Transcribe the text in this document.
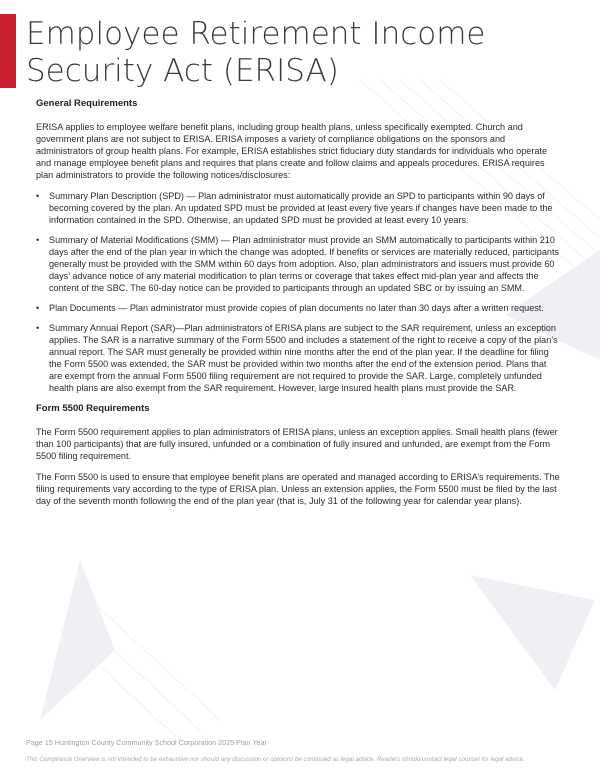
Employee Retirement Income Security Act (ERISA)
General Requirements

ERISA applies to employee welfare benefit plans, including group health plans, unless specifically exempted. Church and government plans are not subject to ERISA. ERISA imposes a variety of compliance obligations on the sponsors and administrators of group health plans. For example, ERISA establishes strict fiduciary duty standards for individuals who operate and manage employee benefit plans and requires that plans create and follow claims and appeals procedures. ERISA requires plan administrators to provide the following notices/disclosures:

• Summary Plan Description (SPD) — Plan administrator must automatically provide an SPD to participants within 90 days of becoming covered by the plan. An updated SPD must be provided at least every five years if changes have been made to the information contained in the SPD. Otherwise, an updated SPD must be provided at least every 10 years.
• Summary of Material Modifications (SMM) — Plan administrator must provide an SMM automatically to participants within 210 days after the end of the plan year in which the change was adopted. If benefits or services are materially reduced, participants generally must be provided with the SMM within 60 days from adoption. Also, plan administrators and issuers must provide 60 days’ advance notice of any material modification to plan terms or coverage that takes effect mid-plan year and affects the content of the SBC. The 60-day notice can be provided to participants through an updated SBC or by issuing an SMM.
• Plan Documents — Plan administrator must provide copies of plan documents no later than 30 days after a written request.
• Summary Annual Report (SAR)—Plan administrators of ERISA plans are subject to the SAR requirement, unless an exception applies. The SAR is a narrative summary of the Form 5500 and includes a statement of the right to receive a copy of the plan’s annual report. The SAR must generally be provided within nine months after the end of the plan year. If the deadline for filing the Form 5500 was extended, the SAR must be provided within two months after the end of the extension period. Plans that are exempt from the annual Form 5500 filing requirement are not required to provide the SAR. Large, completely unfunded health plans are also exempt from the SAR requirement. However, large insured health plans must provide the SAR.
Form 5500 Requirements

The Form 5500 requirement applies to plan administrators of ERISA plans, unless an exception applies. Small health plans (fewer than 100 participants) that are fully insured, unfunded or a combination of fully insured and unfunded, are exempt from the Form 5500 filing requirement.

The Form 5500 is used to ensure that employee benefit plans are operated and managed according to ERISA’s requirements. The filing requirements vary according to the type of ERISA plan. Unless an extension applies, the Form 5500 must be filed by the last day of the seventh month following the end of the plan year (that is, July 31 of the following year for calendar year plans).

Page 15 Huntington County Community School Corporation 2025 Plan Year
This Compliance Overview is not intended to be exhaustive nor should any discussion or opinions be construed as legal advice. Readers should contact legal counsel for legal advice.
